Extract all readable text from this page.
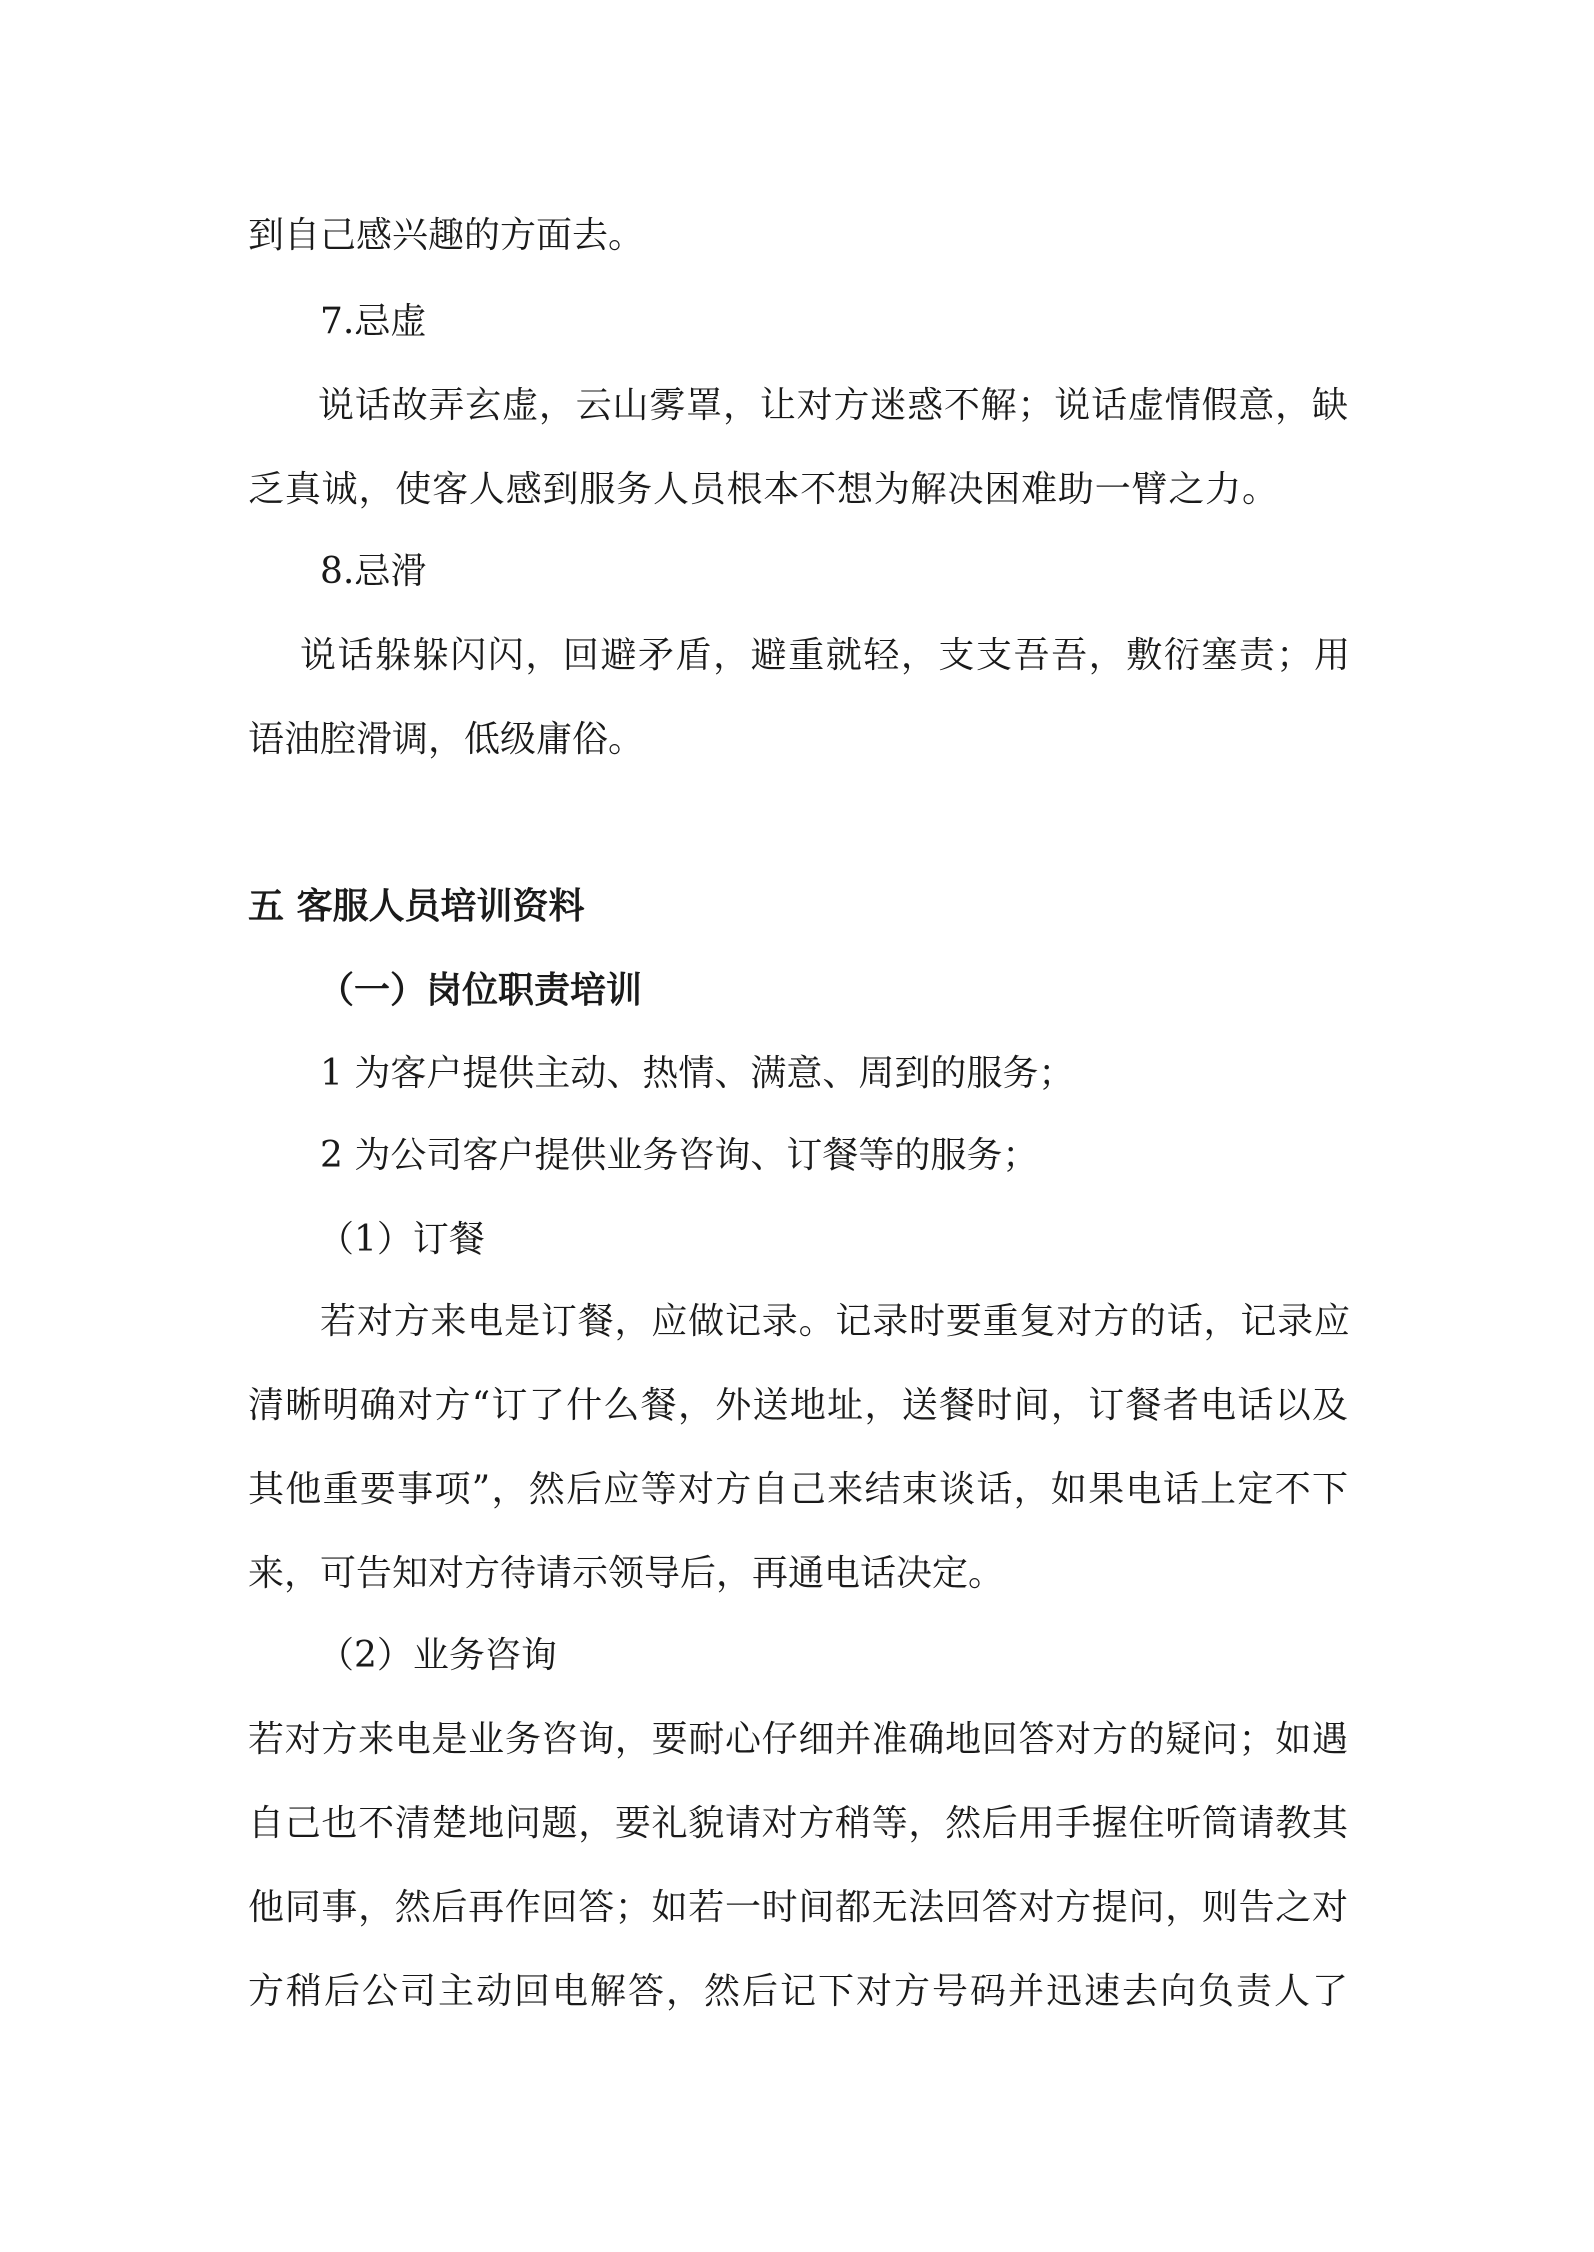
到自己感兴趣的方面去。

7.忌虚

说话故弄玄虚，云山雾罩，让对方迷惑不解；说话虚情假意，缺

乏真诚，使客人感到服务人员根本不想为解决困难助一臂之力。

8.忌滑

说话躲躲闪闪，回避矛盾，避重就轻，支支吾吾，敷衍塞责；用

语油腔滑调，低级庸俗。

五 客服人员培训资料

（一）岗位职责培训

1 为客户提供主动、热情、满意、周到的服务；

2 为公司客户提供业务咨询、订餐等的服务；

（1）订餐

若对方来电是订餐，应做记录。记录时要重复对方的话，记录应

清晰明确对方“订了什么餐，外送地址，送餐时间，订餐者电话以及

其他重要事项”，然后应等对方自己来结束谈话，如果电话上定不下

来，可告知对方待请示领导后，再通电话决定。

（2）业务咨询

若对方来电是业务咨询，要耐心仔细并准确地回答对方的疑问；如遇

自己也不清楚地问题，要礼貌请对方稍等，然后用手握住听筒请教其

他同事，然后再作回答；如若一时间都无法回答对方提问，则告之对

方稍后公司主动回电解答，然后记下对方号码并迅速去向负责人了
